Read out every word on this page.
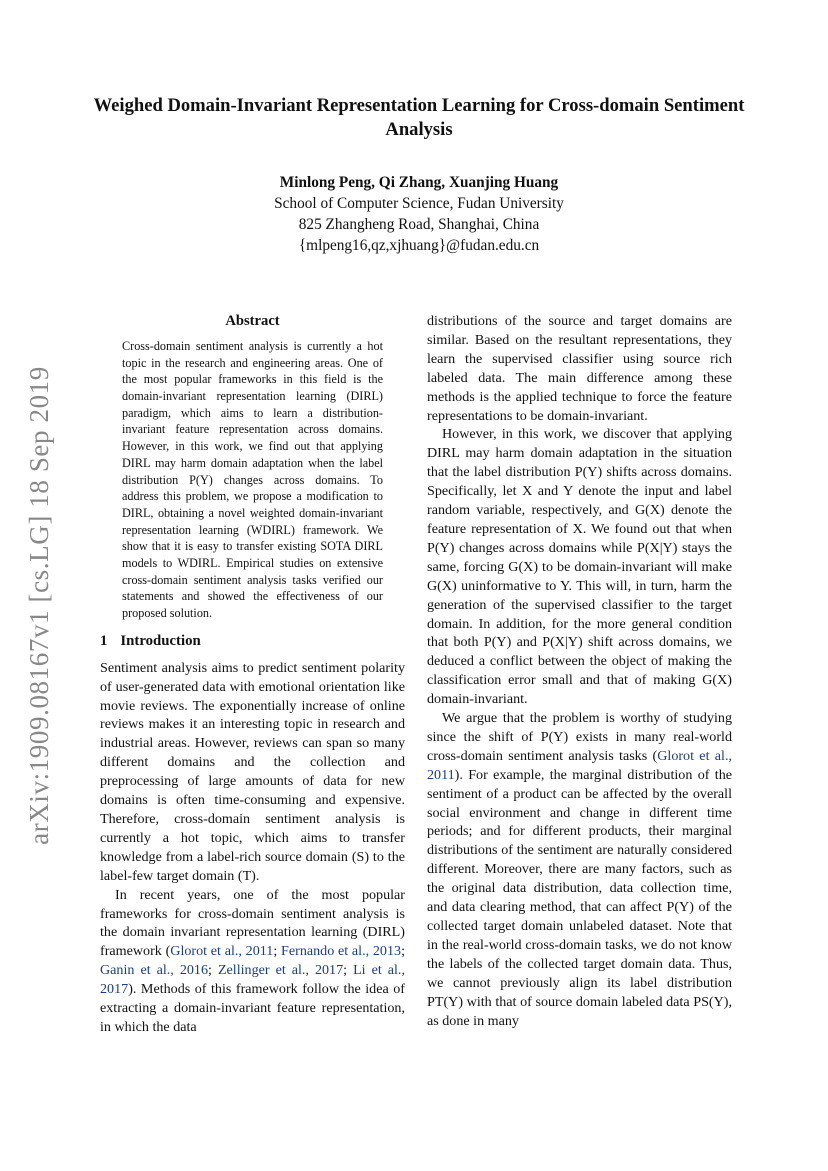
arXiv:1909.08167v1 [cs.LG] 18 Sep 2019
Weighed Domain-Invariant Representation Learning for Cross-domain Sentiment Analysis
Minlong Peng, Qi Zhang, Xuanjing Huang
School of Computer Science, Fudan University
825 Zhangheng Road, Shanghai, China
{mlpeng16,qz,xjhuang}@fudan.edu.cn
Abstract
Cross-domain sentiment analysis is currently a hot topic in the research and engineering areas. One of the most popular frameworks in this field is the domain-invariant representation learning (DIRL) paradigm, which aims to learn a distribution-invariant feature representation across domains. However, in this work, we find out that applying DIRL may harm domain adaptation when the label distribution P(Y) changes across domains. To address this problem, we propose a modification to DIRL, obtaining a novel weighted domain-invariant representation learning (WDIRL) framework. We show that it is easy to transfer existing SOTA DIRL models to WDIRL. Empirical studies on extensive cross-domain sentiment analysis tasks verified our statements and showed the effectiveness of our proposed solution.
1 Introduction

Sentiment analysis aims to predict sentiment polarity of user-generated data with emotional orientation like movie reviews. The exponentially increase of online reviews makes it an interesting topic in research and industrial areas. However, reviews can span so many different domains and the collection and preprocessing of large amounts of data for new domains is often time-consuming and expensive. Therefore, cross-domain sentiment analysis is currently a hot topic, which aims to transfer knowledge from a label-rich source domain (S) to the label-few target domain (T).

In recent years, one of the most popular frameworks for cross-domain sentiment analysis is the domain invariant representation learning (DIRL) framework (Glorot et al., 2011; Fernando et al., 2013; Ganin et al., 2016; Zellinger et al., 2017; Li et al., 2017). Methods of this framework follow the idea of extracting a domain-invariant feature representation, in which the data

distributions of the source and target domains are similar. Based on the resultant representations, they learn the supervised classifier using source rich labeled data. The main difference among these methods is the applied technique to force the feature representations to be domain-invariant.

However, in this work, we discover that applying DIRL may harm domain adaptation in the situation that the label distribution P(Y) shifts across domains. Specifically, let X and Y denote the input and label random variable, respectively, and G(X) denote the feature representation of X. We found out that when P(Y) changes across domains while P(X|Y) stays the same, forcing G(X) to be domain-invariant will make G(X) uninformative to Y. This will, in turn, harm the generation of the supervised classifier to the target domain. In addition, for the more general condition that both P(Y) and P(X|Y) shift across domains, we deduced a conflict between the object of making the classification error small and that of making G(X) domain-invariant.

We argue that the problem is worthy of studying since the shift of P(Y) exists in many real-world cross-domain sentiment analysis tasks (Glorot et al., 2011). For example, the marginal distribution of the sentiment of a product can be affected by the overall social environment and change in different time periods; and for different products, their marginal distributions of the sentiment are naturally considered different. Moreover, there are many factors, such as the original data distribution, data collection time, and data clearing method, that can affect P(Y) of the collected target domain unlabeled dataset. Note that in the real-world cross-domain tasks, we do not know the labels of the collected target domain data. Thus, we cannot previously align its label distribution PT(Y) with that of source domain labeled data PS(Y), as done in many
